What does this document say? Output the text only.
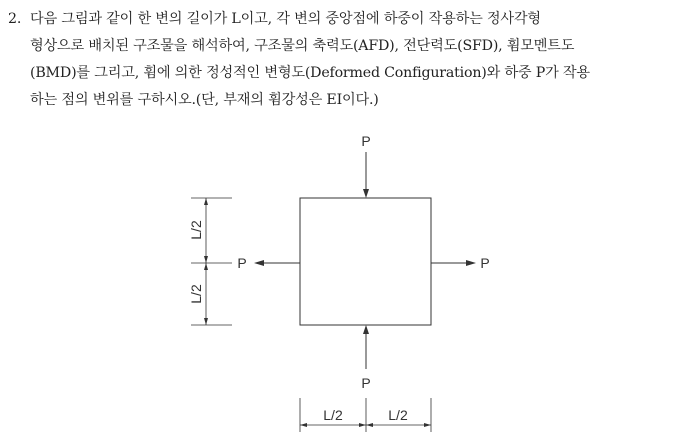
2. 다음 그림과 같이 한 변의 길이가 L이고, 각 변의 중앙점에 하중이 작용하는 정사각형
형상으로 배치된 구조물을 해석하여, 구조물의 축력도(AFD), 전단력도(SFD), 휨모멘트도
(BMD)를 그리고, 휨에 의한 정성적인 변형도(Deformed Configuration)와 하중 P가 작용
하는 점의 변위를 구하시오.(단, 부재의 휨강성은 EI이다.)
P
P
P	P
L/2
L/2
L/2	L/2
